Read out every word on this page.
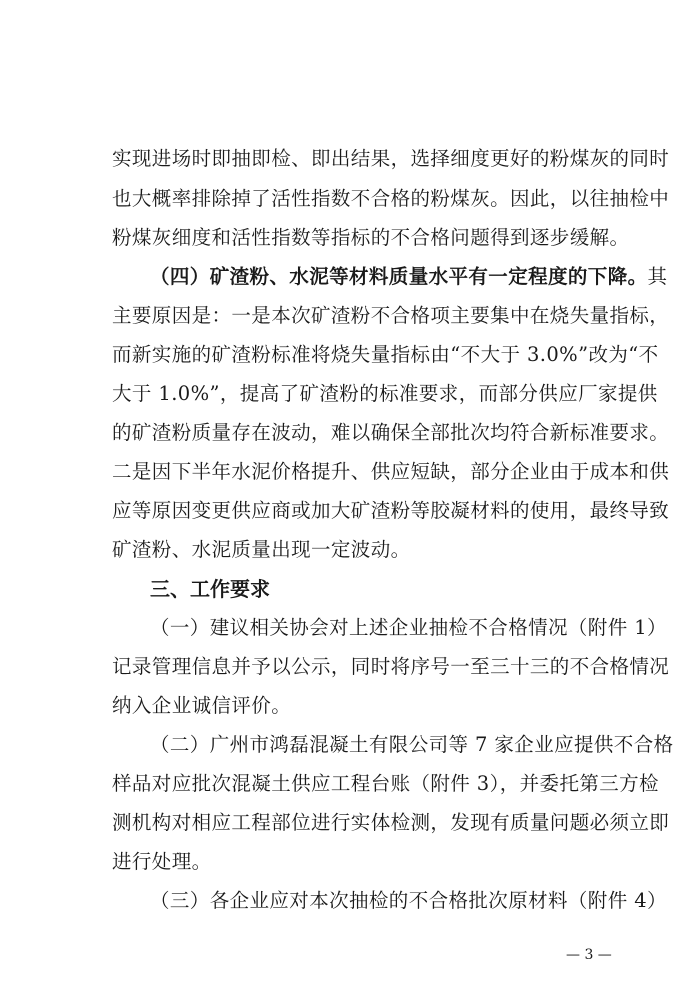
实现进场时即抽即检、即出结果，选择细度更好的粉煤灰的同时
也大概率排除掉了活性指数不合格的粉煤灰。因此，以往抽检中
粉煤灰细度和活性指数等指标的不合格问题得到逐步缓解。
（四）矿渣粉、水泥等材料质量水平有一定程度的下降。其
主要原因是：一是本次矿渣粉不合格项主要集中在烧失量指标，
而新实施的矿渣粉标准将烧失量指标由“不大于 3.0%”改为“不
大于 1.0%”，提高了矿渣粉的标准要求，而部分供应厂家提供
的矿渣粉质量存在波动，难以确保全部批次均符合新标准要求。
二是因下半年水泥价格提升、供应短缺，部分企业由于成本和供
应等原因变更供应商或加大矿渣粉等胶凝材料的使用，最终导致
矿渣粉、水泥质量出现一定波动。
三、工作要求
（一）建议相关协会对上述企业抽检不合格情况（附件 1）
记录管理信息并予以公示，同时将序号一至三十三的不合格情况
纳入企业诚信评价。
（二）广州市鸿磊混凝土有限公司等 7 家企业应提供不合格
样品对应批次混凝土供应工程台账（附件 3），并委托第三方检
测机构对相应工程部位进行实体检测，发现有质量问题必须立即
进行处理。
（三）各企业应对本次抽检的不合格批次原材料（附件 4）
— 3 —
